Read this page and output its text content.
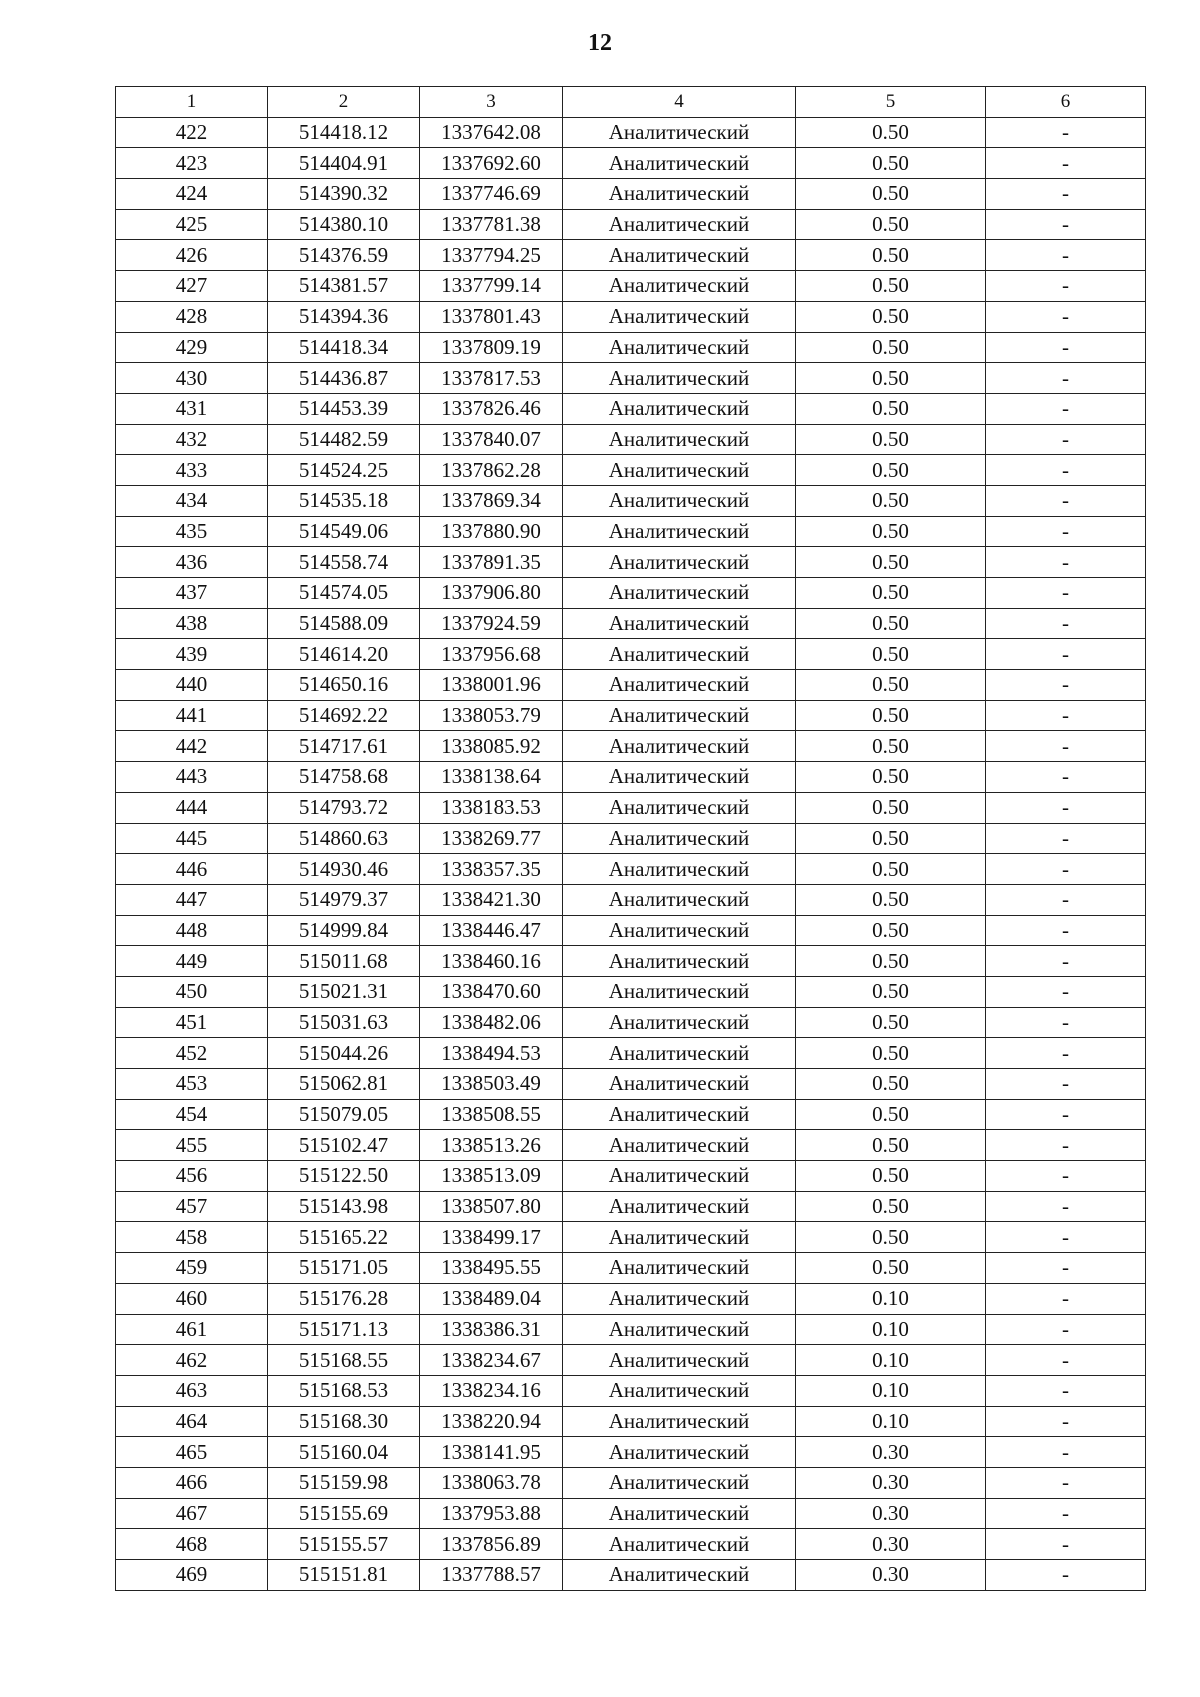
12
1	2	3	4	5	6
422	514418.12	1337642.08	Аналитический	0.50	-
423	514404.91	1337692.60	Аналитический	0.50	-
424	514390.32	1337746.69	Аналитический	0.50	-
425	514380.10	1337781.38	Аналитический	0.50	-
426	514376.59	1337794.25	Аналитический	0.50	-
427	514381.57	1337799.14	Аналитический	0.50	-
428	514394.36	1337801.43	Аналитический	0.50	-
429	514418.34	1337809.19	Аналитический	0.50	-
430	514436.87	1337817.53	Аналитический	0.50	-
431	514453.39	1337826.46	Аналитический	0.50	-
432	514482.59	1337840.07	Аналитический	0.50	-
433	514524.25	1337862.28	Аналитический	0.50	-
434	514535.18	1337869.34	Аналитический	0.50	-
435	514549.06	1337880.90	Аналитический	0.50	-
436	514558.74	1337891.35	Аналитический	0.50	-
437	514574.05	1337906.80	Аналитический	0.50	-
438	514588.09	1337924.59	Аналитический	0.50	-
439	514614.20	1337956.68	Аналитический	0.50	-
440	514650.16	1338001.96	Аналитический	0.50	-
441	514692.22	1338053.79	Аналитический	0.50	-
442	514717.61	1338085.92	Аналитический	0.50	-
443	514758.68	1338138.64	Аналитический	0.50	-
444	514793.72	1338183.53	Аналитический	0.50	-
445	514860.63	1338269.77	Аналитический	0.50	-
446	514930.46	1338357.35	Аналитический	0.50	-
447	514979.37	1338421.30	Аналитический	0.50	-
448	514999.84	1338446.47	Аналитический	0.50	-
449	515011.68	1338460.16	Аналитический	0.50	-
450	515021.31	1338470.60	Аналитический	0.50	-
451	515031.63	1338482.06	Аналитический	0.50	-
452	515044.26	1338494.53	Аналитический	0.50	-
453	515062.81	1338503.49	Аналитический	0.50	-
454	515079.05	1338508.55	Аналитический	0.50	-
455	515102.47	1338513.26	Аналитический	0.50	-
456	515122.50	1338513.09	Аналитический	0.50	-
457	515143.98	1338507.80	Аналитический	0.50	-
458	515165.22	1338499.17	Аналитический	0.50	-
459	515171.05	1338495.55	Аналитический	0.50	-
460	515176.28	1338489.04	Аналитический	0.10	-
461	515171.13	1338386.31	Аналитический	0.10	-
462	515168.55	1338234.67	Аналитический	0.10	-
463	515168.53	1338234.16	Аналитический	0.10	-
464	515168.30	1338220.94	Аналитический	0.10	-
465	515160.04	1338141.95	Аналитический	0.30	-
466	515159.98	1338063.78	Аналитический	0.30	-
467	515155.69	1337953.88	Аналитический	0.30	-
468	515155.57	1337856.89	Аналитический	0.30	-
469	515151.81	1337788.57	Аналитический	0.30	-
